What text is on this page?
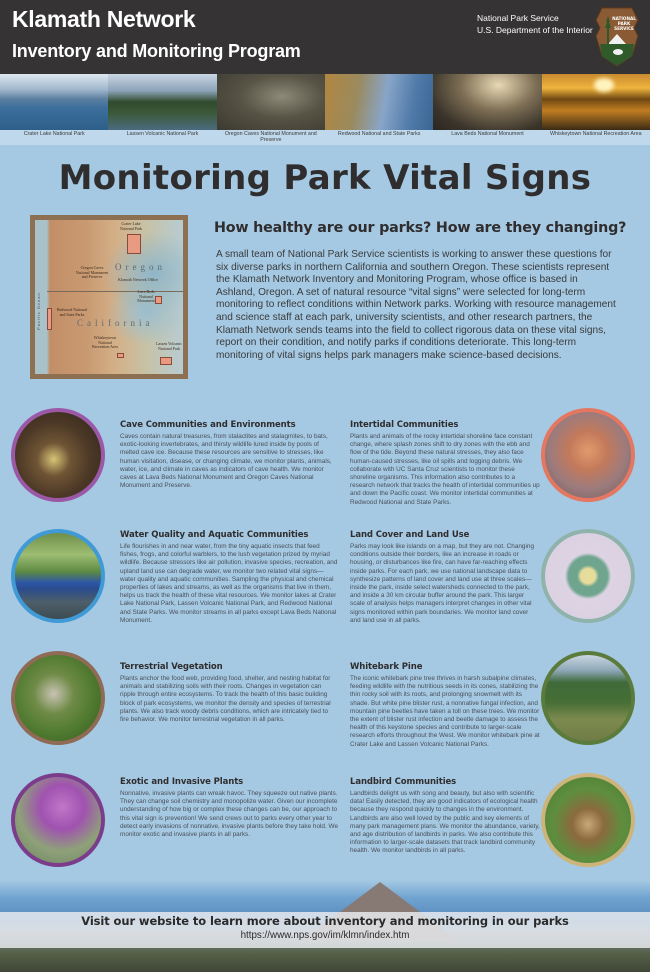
Klamath Network
Inventory and Monitoring Program
National Park Service
U.S. Department of the Interior
NATIONAL
PARK
SERVICE
Crater Lake National Park	Lassen Volcanic National Park	Oregon Caves National Monument and Preserve
Redwood National and State Parks	Lava Beds National Monument	Whiskeytown National Recreation Area
Monitoring Park Vital Signs
Pacific Ocean
Oregon
California
Crater Lake National Park
Oregon Caves National Monument and Preserve
Klamath Network Office
Lava Beds National Monument
Redwood National and State Parks
Whiskeytown National Recreation Area
Lassen Volcanic National Park
How healthy are our parks? How are they changing?
A small team of National Park Service scientists is working to answer these questions for six diverse parks in northern California and southern Oregon. These scientists represent the Klamath Network Inventory and Monitoring Program, whose office is based in Ashland, Oregon. A set of natural resource “vital signs” were selected for long-term monitoring to reflect conditions within Network parks. Working with resource management and science staff at each park, university scientists, and other research partners, the Klamath Network sends teams into the field to collect rigorous data on these vital signs, report on their condition, and notify parks if conditions deteriorate. This long-term monitoring of vital signs helps park managers make science-based decisions.
Cave Communities and Environments
Caves contain natural treasures, from stalactites and stalagmites, to bats, exotic-looking invertebrates, and thirsty wildlife lured inside by pools of melted cave ice. Because these resources are sensitive to stresses, like human visitation, disease, or changing climate, we monitor plants, animals, water, ice, and climate in caves as indicators of cave health. We monitor caves at Lava Beds National Monument and Oregon Caves National Monument and Preserve.
Intertidal Communities
Plants and animals of the rocky intertidal shoreline face constant change, where splash zones shift to dry zones with the ebb and flow of the tide. Beyond these natural stresses, they also face human-caused stresses, like oil spills and logging debris. We collaborate with UC Santa Cruz scientists to monitor these shoreline organisms. This information also contributes to a research network that tracks the health of intertidal communities up and down the Pacific coast. We monitor intertidal communities at Redwood National and State Parks.
Water Quality and Aquatic Communities
Life flourishes in and near water, from the tiny aquatic insects that feed fishes, frogs, and colorful warblers, to the lush vegetation prized by myriad wildlife. Because stressors like air pollution, invasive species, recreation, and upland land use can degrade water, we monitor two related vital signs—water quality and aquatic communities. Sampling the physical and chemical properties of lakes and streams, as well as the organisms that live in them, helps us track the health of these vital resources. We monitor lakes at Crater Lake National Park, Lassen Volcanic National Park, and Redwood National and State Parks. We monitor streams in all parks except Lava Beds National Monument.
Land Cover and Land Use
Parks may look like islands on a map, but they are not. Changing conditions outside their borders, like an increase in roads or housing, or disturbances like fire, can have far-reaching effects inside parks. For each park, we use national landscape data to synthesize patterns of land cover and land use at three scales—inside the park, inside select watersheds connected to the park, and inside a 30 km circular buffer around the park. This larger scale of analysis helps managers interpret changes in other vital signs monitored within park boundaries. We monitor land cover and land use in all parks.
Terrestrial Vegetation
Plants anchor the food web, providing food, shelter, and nesting habitat for animals and stabilizing soils with their roots. Changes in vegetation can ripple through entire ecosystems. To track the health of this basic building block of park ecosystems, we monitor the density and species of terrestrial plants. We also track woody debris conditions, which are intricately tied to fire behavior. We monitor terrestrial vegetation in all parks.
Whitebark Pine
The iconic whitebark pine tree thrives in harsh subalpine climates, feeding wildlife with the nutritious seeds in its cones, stabilizing the thin rocky soil with its roots, and prolonging snowmelt with its shade. But white pine blister rust, a nonnative fungal infection, and mountain pine beetles have taken a toll on these trees. We monitor the extent of blister rust infection and beetle damage to assess the health of this keystone species and contribute to larger-scale research efforts throughout the West. We monitor whitebark pine at Crater Lake and Lassen Volcanic National Parks.
Exotic and Invasive Plants
Nonnative, invasive plants can wreak havoc. They squeeze out native plants. They can change soil chemistry and monopolize water. Given our incomplete understanding of how big or complex these changes can be, our approach to this vital sign is prevention! We send crews out to parks every other year to detect early invasions of nonnative, invasive plants before they take hold. We monitor exotic and invasive plants in all parks.
Landbird Communities
Landbirds delight us with song and beauty, but also with scientific data! Easily detected, they are good indicators of ecological health because they respond quickly to changes in the environment. Landbirds are also well loved by the public and key elements of many park management plans. We monitor the abundance, variety, and age distribution of landbirds in parks. We also contribute this information to larger-scale datasets that track landbird community health. We monitor landbirds in all parks.
Visit our website to learn more about inventory and monitoring in our parks
https://www.nps.gov/im/klmn/index.htm
